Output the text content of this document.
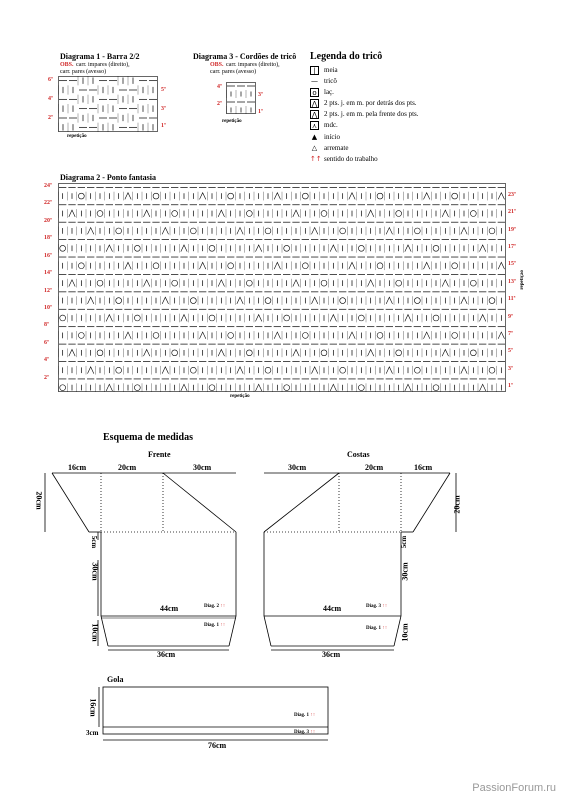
Diagrama 1 - Barra 2/2
OBS. carr. impares (direito),
carr. pares (avesso)
6ª
4ª
2ª
5ª
3ª
1ª
repetição
Diagrama 3 - Cordões de tricô
OBS. carr. impares (direito),
carr. pares (avesso)
4ª
2ª
3ª
1ª
repetição
Legenda do tricô
|	meia
— tricô
o	laç.
⋀ 2 pts. j. em m. por detrás dos pts.
⋀ 2 pts. j. em m. pela frente dos pts.
⋏ mdc.
▲ início
△ arremate
↑↑ sentido do trabalho
Diagrama 2 - Ponto fantasia
24ª
22ª
20ª
18ª
16ª
14ª
12ª
10ª
8ª
6ª
4ª
2ª
23ª
21ª
19ª
17ª
15ª
13ª
11ª
9ª
7ª
5ª
3ª
1ª
repetição
repetição
Esquema de medidas
Frente
16cm	20cm	30cm
20cm
5cm
30cm
10cm
44cm
36cm
Diag. 2 ↑↑
Diag. 1 ↑↑
Costas
30cm	20cm	16cm
20cm
5cm
30cm
10cm
44cm
36cm
Diag. 3 ↑↑
Diag. 1 ↑↑
Gola
16cm
3cm
76cm
Diag. 1 ↑↑
Diag. 3 ↑↑
PassionForum.ru
